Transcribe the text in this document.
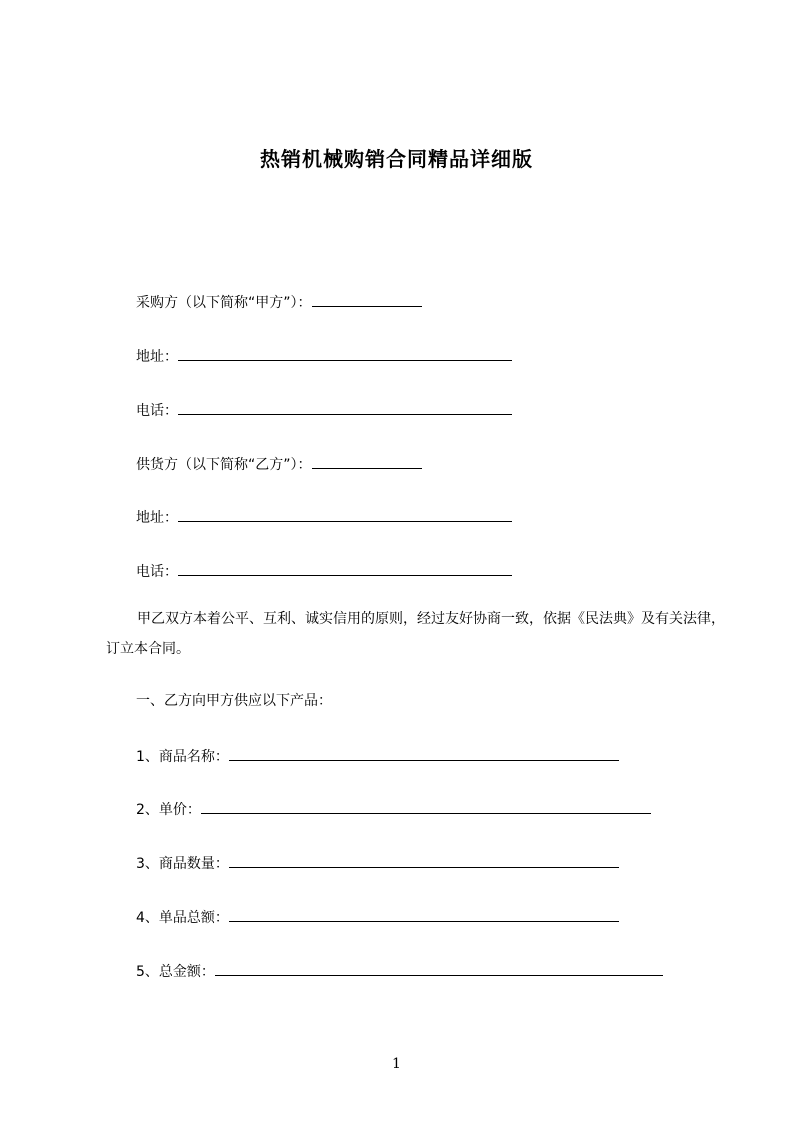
热销机械购销合同精品详细版
采购方（以下简称“甲方”）：
地址：
电话：
供货方（以下简称“乙方”）：
地址：
电话：
甲乙双方本着公平、互利、诚实信用的原则，经过友好协商一致，依据《民法典》及有关法律，订立本合同。
一、乙方向甲方供应以下产品：
1、商品名称：
2、单价：
3、商品数量：
4、单品总额：
5、总金额：
1
